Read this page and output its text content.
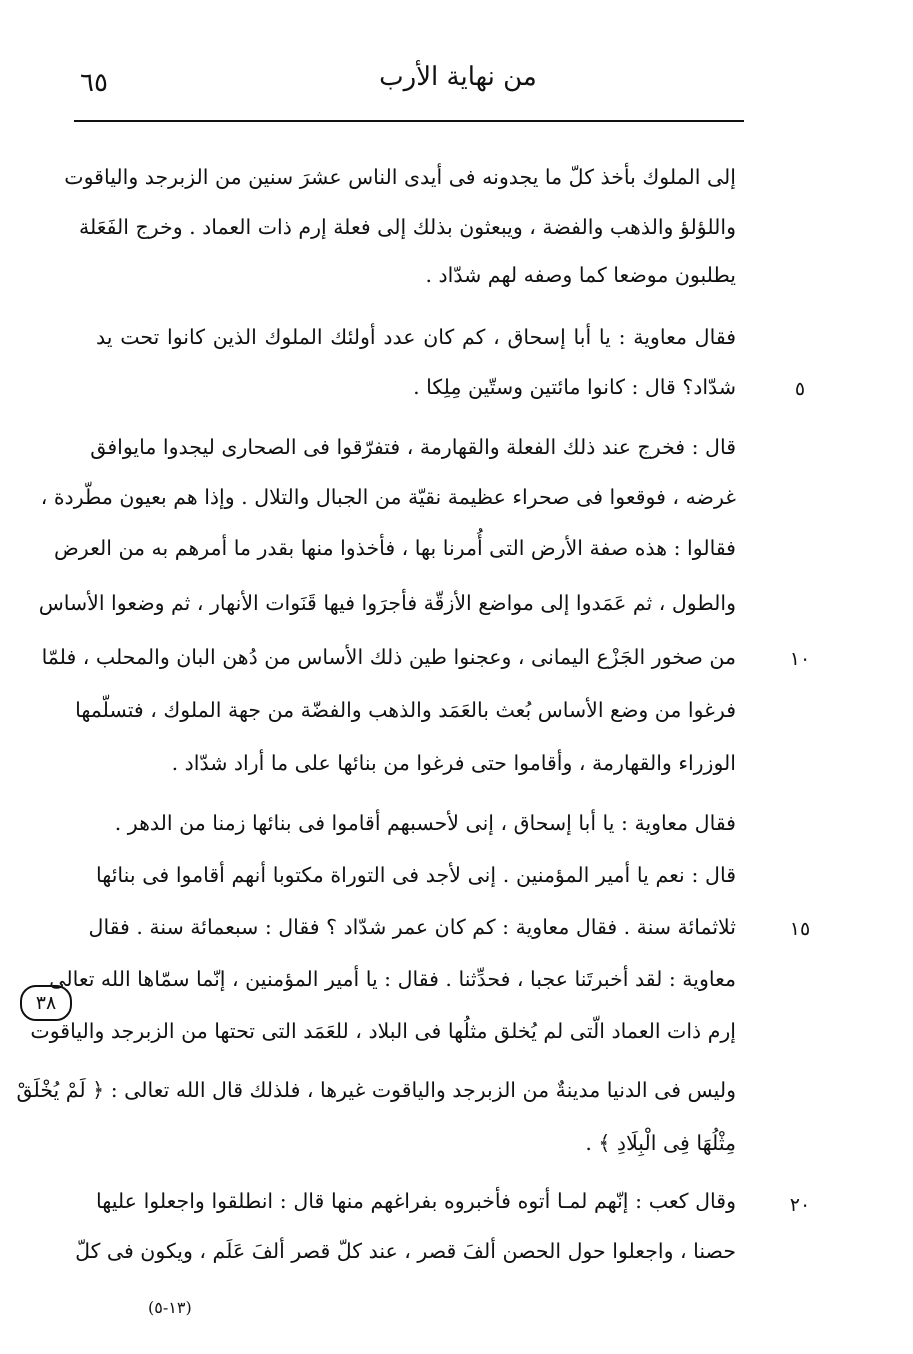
من نهاية الأرب
٦٥
إلى الملوك بأخذ كلّ ما يجدونه فى أيدى الناس عشرَ سنين من الزبرجد والياقوت
واللؤلؤ والذهب والفضة ، ويبعثون بذلك إلى فعلة إرم ذات العماد . وخرج الفَعَلة
يطلبون موضعا كما وصفه لهم شدّاد .
فقال معاوية : يا أبا إسحاق ، كم كان عدد أولئك الملوك الذين كانوا تحت يد
شدّاد؟ قال : كانوا مائتين وستّين مِلِكا .
قال : فخرج عند ذلك الفعلة والقهارمة ، فتفرّقوا فى الصحارى ليجدوا مايوافق
غرضه ، فوقعوا فى صحراء عظيمة نقيّة من الجبال والتلال . وإذا هم بعيون مطّردة ،
فقالوا : هذه صفة الأرض التى أُمرنا بها ، فأخذوا منها بقدر ما أمرهم به من العرض
والطول ، ثم عَمَدوا إلى مواضع الأزقّة فأجرَوا فيها قَنَوات الأنهار ، ثم وضعوا الأساس
من صخور الجَزْع اليمانى ، وعجنوا طين ذلك الأساس من دُهن البان والمحلب ، فلمّا
فرغوا من وضع الأساس بُعث بالعَمَد والذهب والفضّة من جهة الملوك ، فتسلّمها
الوزراء والقهارمة ، وأقاموا حتى فرغوا من بنائها على ما أراد شدّاد .
فقال معاوية : يا أبا إسحاق ، إنى لأحسبهم أقاموا فى بنائها زمنا من الدهر .
قال : نعم يا أمير المؤمنين . إنى لأجد فى التوراة مكتوبا أنهم أقاموا فى بنائها
ثلاثمائة سنة . فقال معاوية : كم كان عمر شدّاد ؟ فقال : سبعمائة سنة . فقال
معاوية : لقد أخبرتَنا عجبا ، فحدِّثنا . فقال : يا أمير المؤمنين ، إنّما سمّاها الله تعالى
إرم ذات العماد الّتى لم يُخلق مثلُها فى البلاد ، للعَمَد التى تحتها من الزبرجد والياقوت
وليس فى الدنيا مدينةٌ من الزبرجد والياقوت غيرها ، فلذلك قال الله تعالى : ﴿ لَمْ يُخْلَقْ
مِثْلُهَا فِى الْبِلَادِ ﴾ .
وقال كعب : إنّهم لمـا أتوه فأخبروه بفراغهم منها قال : انطلقوا واجعلوا عليها
حصنا ، واجعلوا حول الحصن ألفَ قصر ، عند كلّ قصر ألفَ عَلَم ، ويكون فى كلّ
٥
١٠
١٥
٢٠
٣٨
(١٣-٥)
